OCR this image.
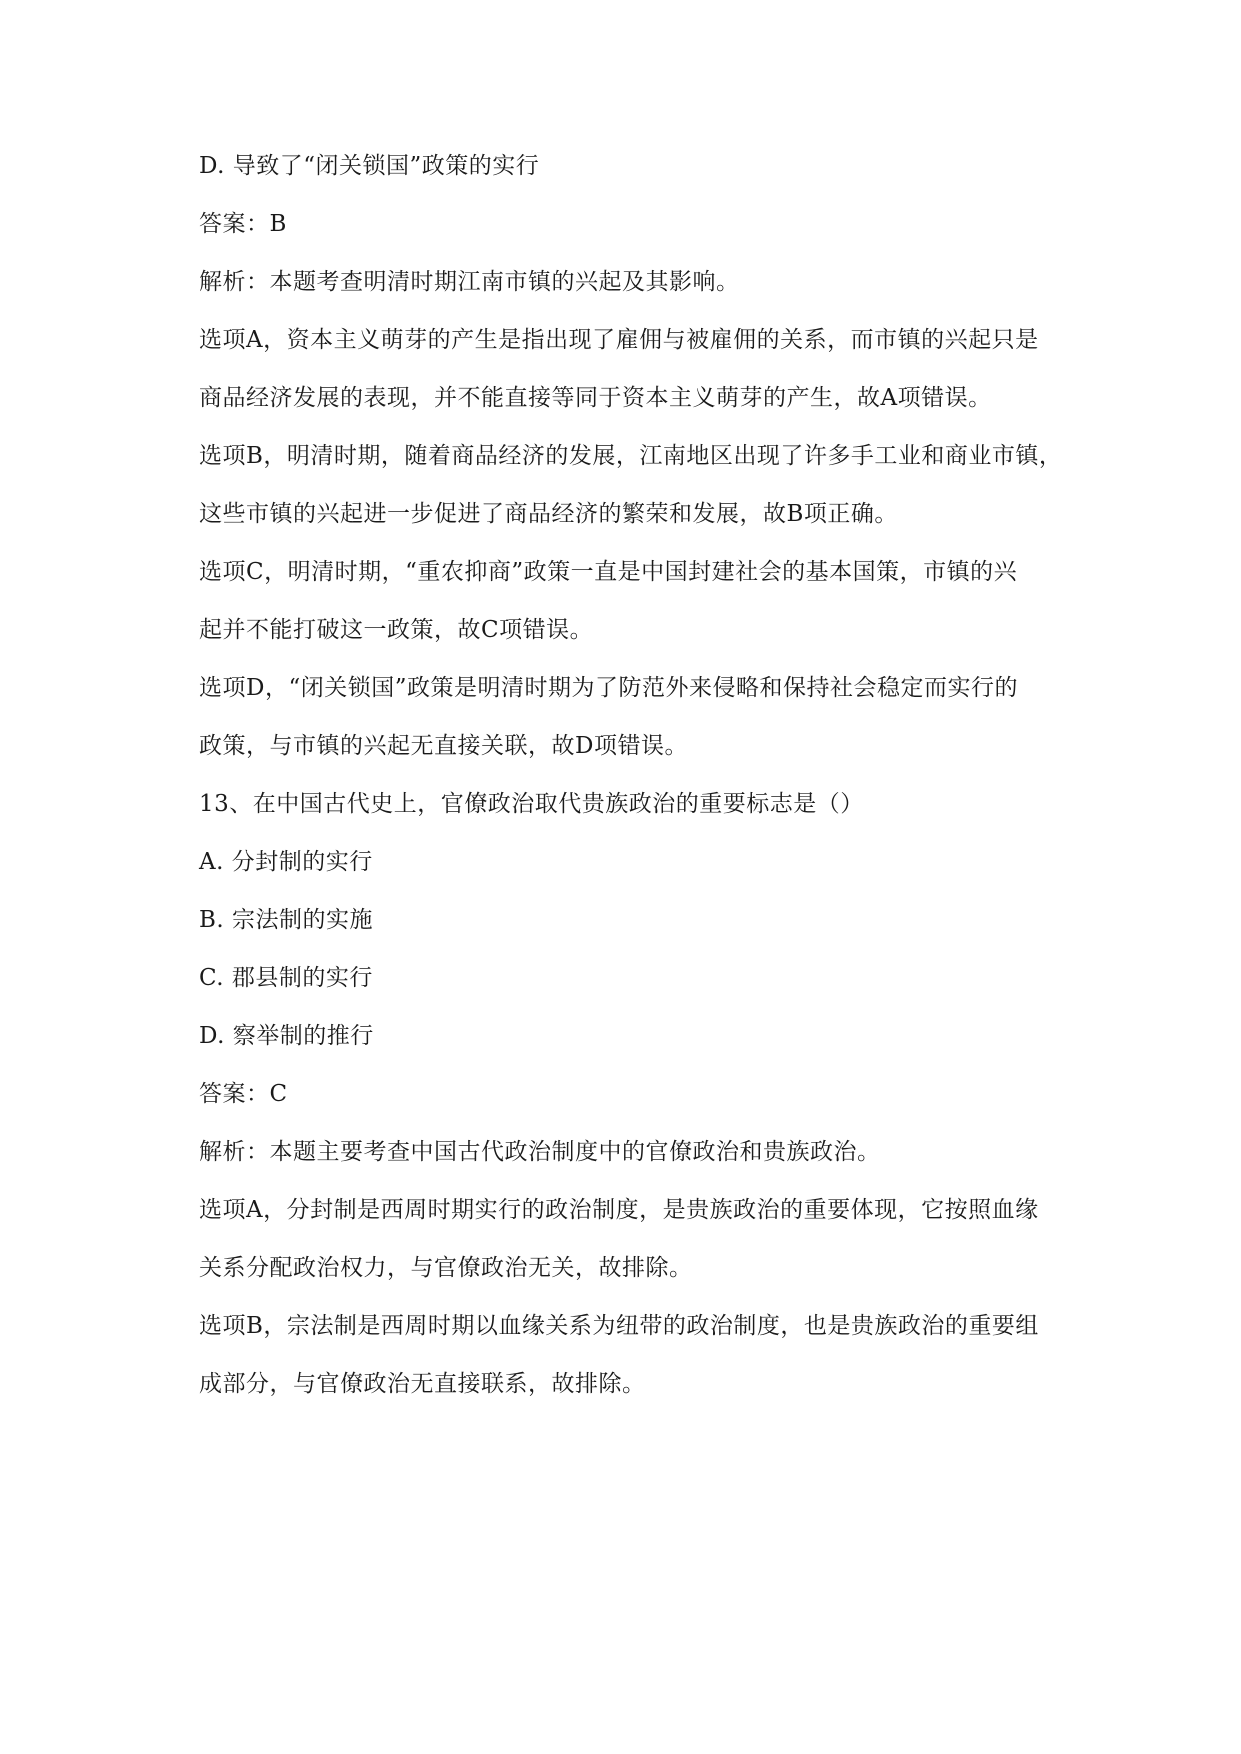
D. 导致了“闭关锁国”政策的实行
答案：B
解析：本题考查明清时期江南市镇的兴起及其影响。
选项A，资本主义萌芽的产生是指出现了雇佣与被雇佣的关系，而市镇的兴起只是
商品经济发展的表现，并不能直接等同于资本主义萌芽的产生，故A项错误。
选项B，明清时期，随着商品经济的发展，江南地区出现了许多手工业和商业市镇，
这些市镇的兴起进一步促进了商品经济的繁荣和发展，故B项正确。
选项C，明清时期，“重农抑商”政策一直是中国封建社会的基本国策，市镇的兴
起并不能打破这一政策，故C项错误。
选项D，“闭关锁国”政策是明清时期为了防范外来侵略和保持社会稳定而实行的
政策，与市镇的兴起无直接关联，故D项错误。
13、在中国古代史上，官僚政治取代贵族政治的重要标志是（）
A. 分封制的实行
B. 宗法制的实施
C. 郡县制的实行
D. 察举制的推行
答案：C
解析：本题主要考查中国古代政治制度中的官僚政治和贵族政治。
选项A，分封制是西周时期实行的政治制度，是贵族政治的重要体现，它按照血缘
关系分配政治权力，与官僚政治无关，故排除。
选项B，宗法制是西周时期以血缘关系为纽带的政治制度，也是贵族政治的重要组
成部分，与官僚政治无直接联系，故排除。
